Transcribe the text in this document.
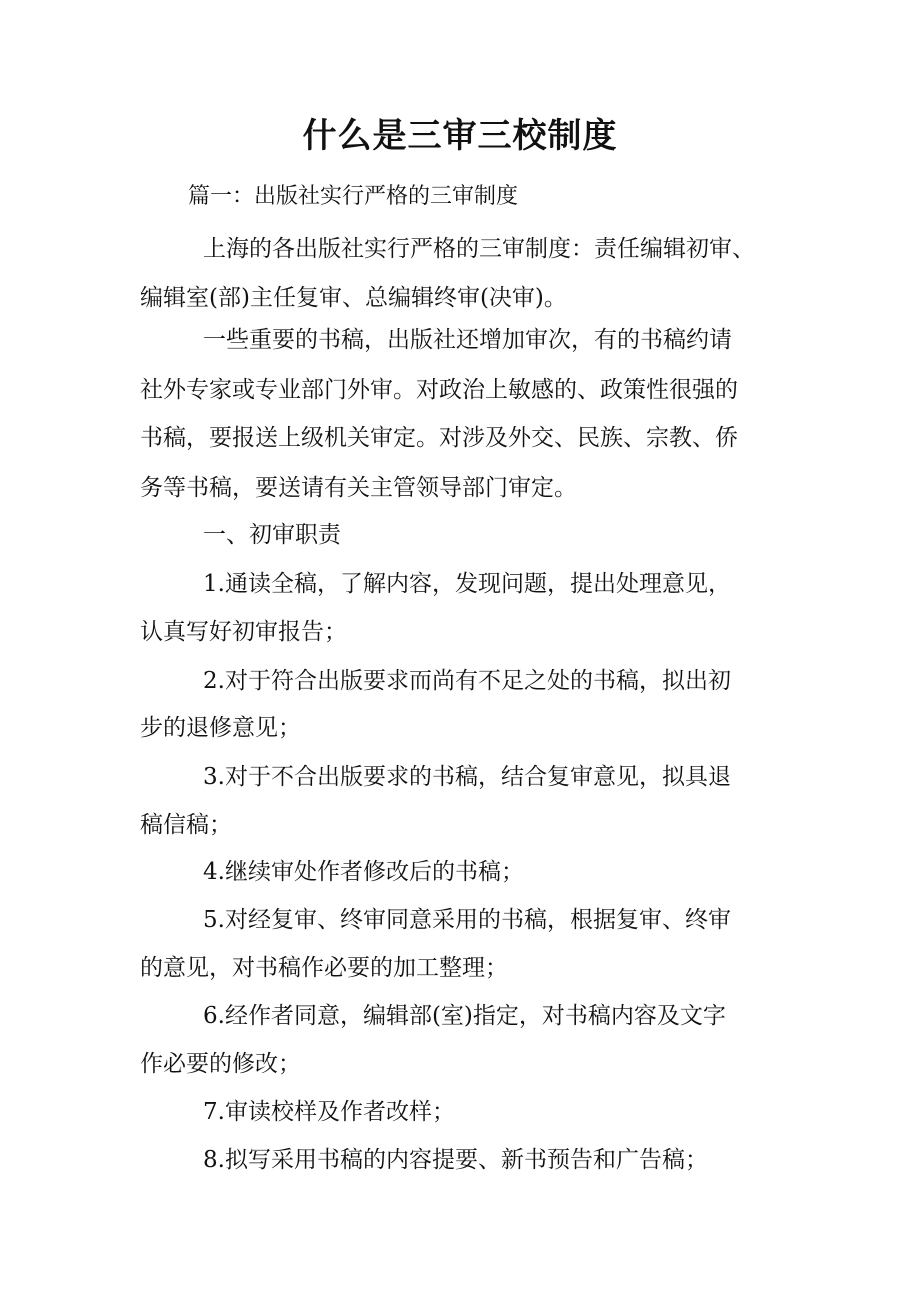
什么是三审三校制度

篇一：出版社实行严格的三审制度

上海的各出版社实行严格的三审制度：责任编辑初审、

编辑室(部)主任复审、总编辑终审(决审)。

一些重要的书稿，出版社还增加审次，有的书稿约请

社外专家或专业部门外审。对政治上敏感的、政策性很强的

书稿，要报送上级机关审定。对涉及外交、民族、宗教、侨

务等书稿，要送请有关主管领导部门审定。

一、初审职责

1.通读全稿，了解内容，发现问题，提出处理意见，

认真写好初审报告；

2.对于符合出版要求而尚有不足之处的书稿，拟出初

步的退修意见；

3.对于不合出版要求的书稿，结合复审意见，拟具退

稿信稿；

4.继续审处作者修改后的书稿；

5.对经复审、终审同意采用的书稿，根据复审、终审

的意见，对书稿作必要的加工整理；

6.经作者同意，编辑部(室)指定，对书稿内容及文字

作必要的修改；

7.审读校样及作者改样；

8.拟写采用书稿的内容提要、新书预告和广告稿；
